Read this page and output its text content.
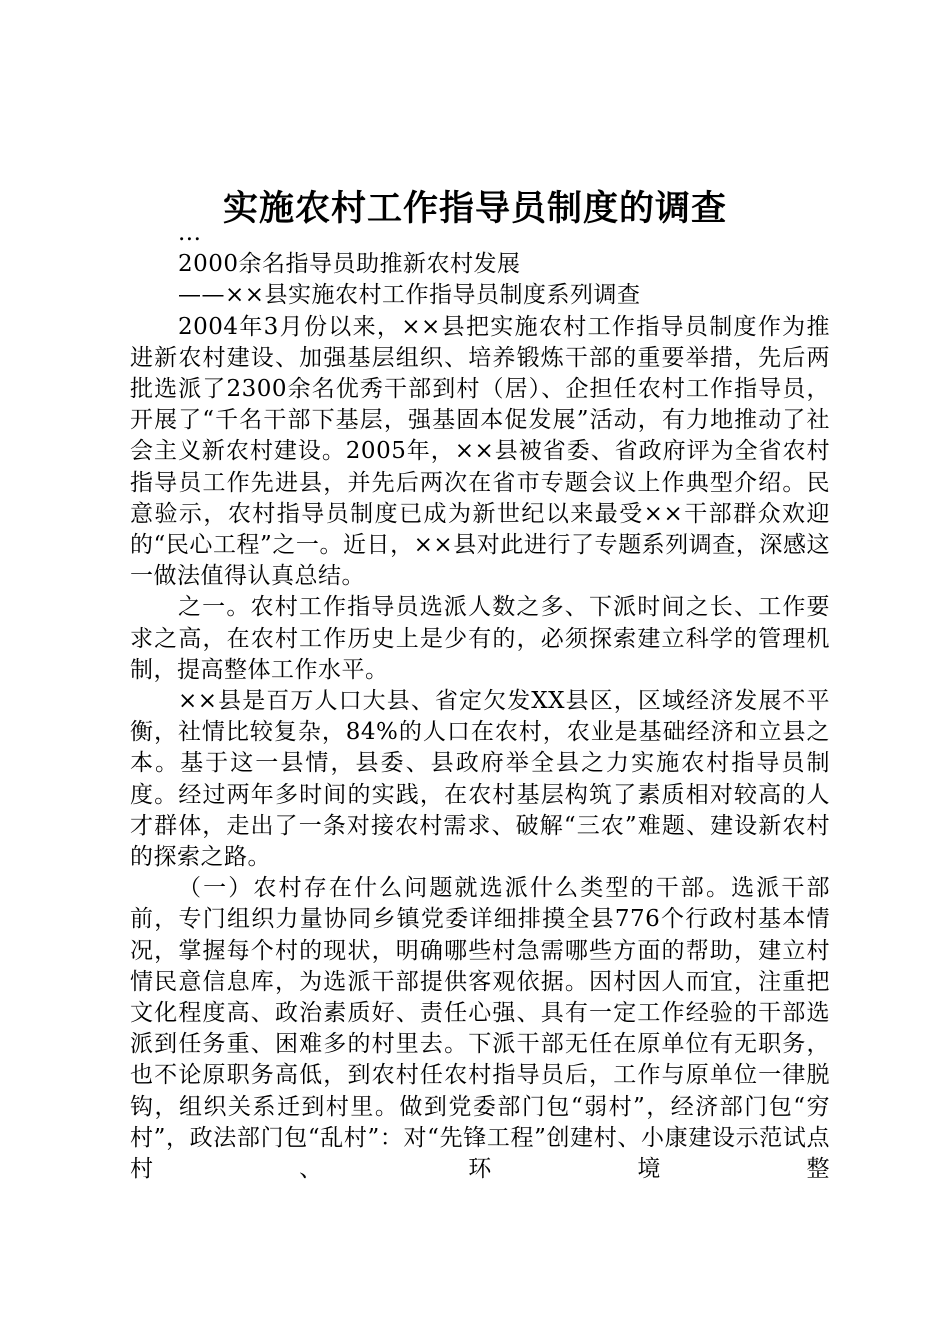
实施农村工作指导员制度的调查

...

2000余名指导员助推新农村发展

——××县实施农村工作指导员制度系列调查

2004年3月份以来，××县把实施农村工作指导员制度作为推进新农村建设、加强基层组织、培养锻炼干部的重要举措，先后两批选派了2300余名优秀干部到村（居）、企担任农村工作指导员，开展了“千名干部下基层，强基固本促发展”活动，有力地推动了社会主义新农村建设。2005年，××县被省委、省政府评为全省农村指导员工作先进县，并先后两次在省市专题会议上作典型介绍。民意验示，农村指导员制度已成为新世纪以来最受××干部群众欢迎的“民心工程”之一。近日，××县对此进行了专题系列调查，深感这一做法值得认真总结。

之一。农村工作指导员选派人数之多、下派时间之长、工作要求之高，在农村工作历史上是少有的，必须探索建立科学的管理机制，提高整体工作水平。

××县是百万人口大县、省定欠发XX县区，区域经济发展不平衡，社情比较复杂，84%的人口在农村，农业是基础经济和立县之本。基于这一县情，县委、县政府举全县之力实施农村指导员制度。经过两年多时间的实践，在农村基层构筑了素质相对较高的人才群体，走出了一条对接农村需求、破解“三农”难题、建设新农村的探索之路。

（一）农村存在什么问题就选派什么类型的干部。选派干部前，专门组织力量协同乡镇党委详细排摸全县776个行政村基本情况，掌握每个村的现状，明确哪些村急需哪些方面的帮助，建立村情民意信息库，为选派干部提供客观依据。因村因人而宜，注重把文化程度高、政治素质好、责任心强、具有一定工作经验的干部选派到任务重、困难多的村里去。下派干部无任在原单位有无职务，也不论原职务高低，到农村任农村指导员后，工作与原单位一律脱钩，组织关系迁到村里。做到党委部门包“弱村”，经济部门包“穷村”，政法部门包“乱村”：对“先锋工程”创建村、小康建设示范试点村、环境整
